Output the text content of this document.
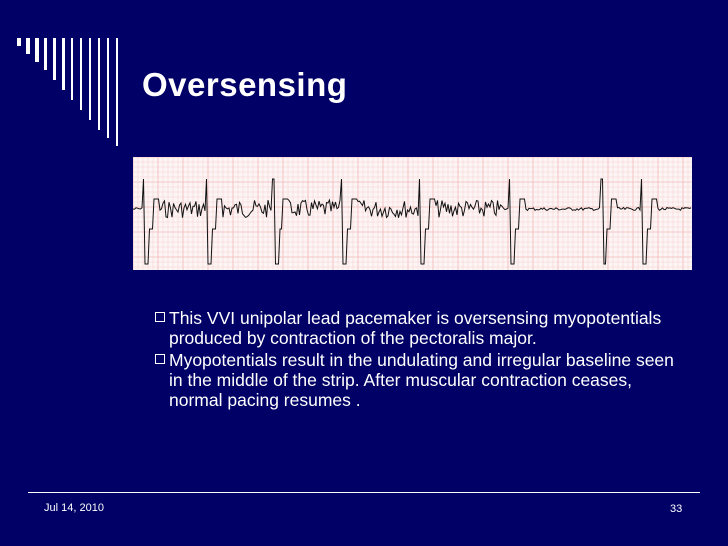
Oversensing
This VVI unipolar lead pacemaker is oversensing myopotentials produced by contraction of the pectoralis major.
Myopotentials result in the undulating and irregular baseline seen in the middle of the strip. After muscular contraction ceases, normal pacing resumes .
Jul 14, 2010	33
